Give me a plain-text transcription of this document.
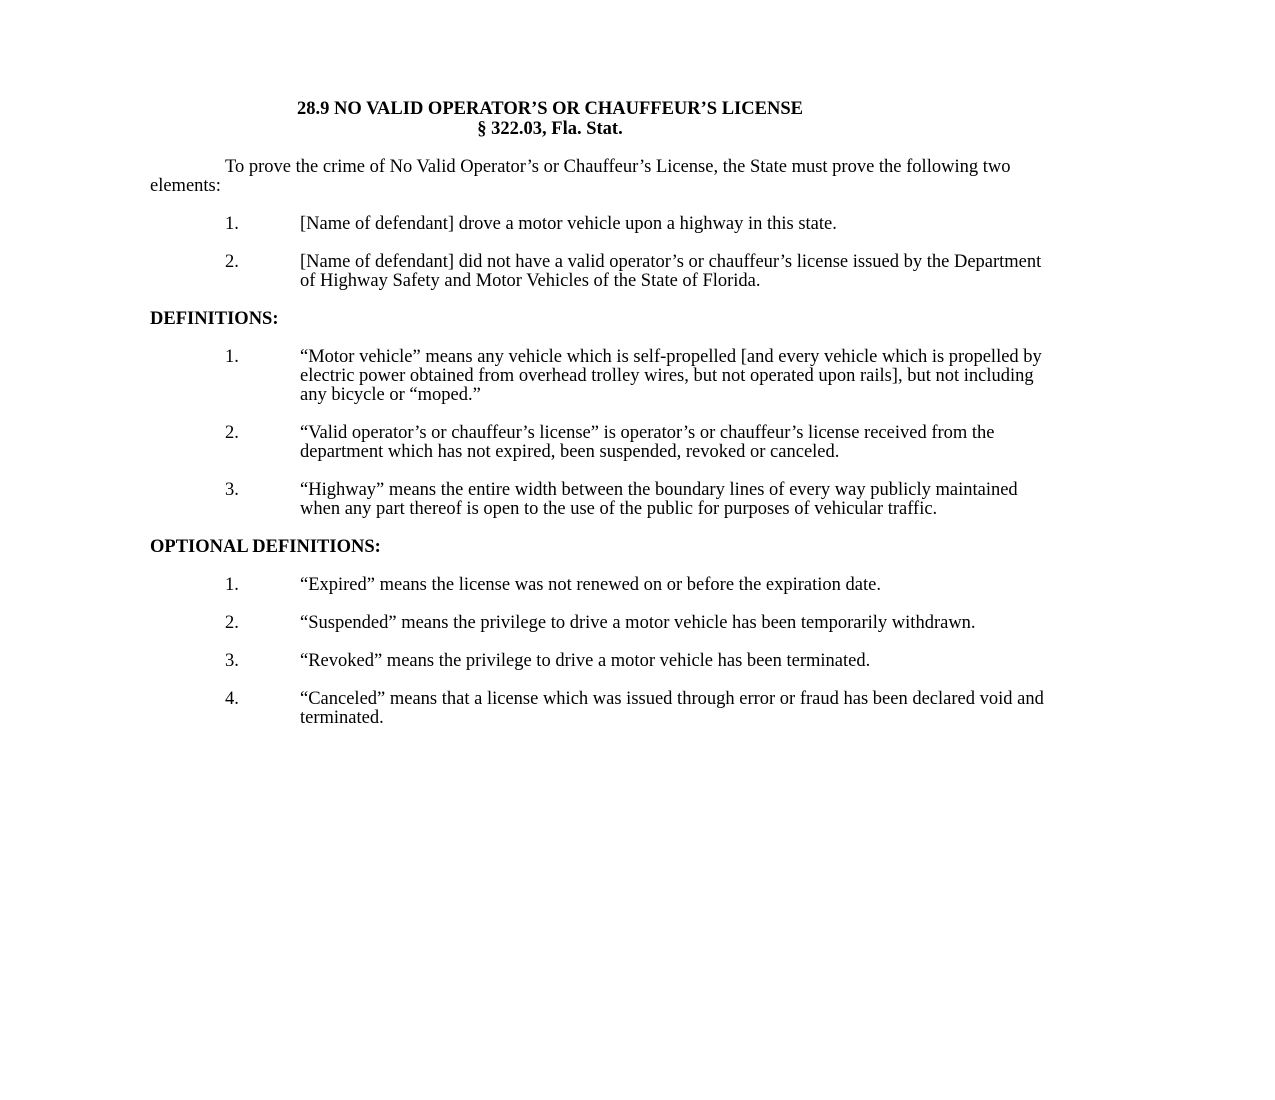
28.9 NO VALID OPERATOR’S OR CHAUFFEUR’S LICENSE
§ 322.03, Fla. Stat.
To prove the crime of No Valid Operator’s or Chauffeur’s License, the State must prove the following two elements:
1.	[Name of defendant] drove a motor vehicle upon a highway in this state.
2.	[Name of defendant] did not have a valid operator’s or chauffeur’s license issued by the Department of Highway Safety and Motor Vehicles of the State of Florida.
DEFINITIONS:
1.	“Motor vehicle” means any vehicle which is self-propelled [and every vehicle which is propelled by electric power obtained from overhead trolley wires, but not operated upon rails], but not including any bicycle or “moped.”
2.	“Valid operator’s or chauffeur’s license” is operator’s or chauffeur’s license received from the department which has not expired, been suspended, revoked or canceled.
3.	“Highway” means the entire width between the boundary lines of every way publicly maintained when any part thereof is open to the use of the public for purposes of vehicular traffic.
OPTIONAL DEFINITIONS:
1.	“Expired” means the license was not renewed on or before the expiration date.
2.	“Suspended” means the privilege to drive a motor vehicle has been temporarily withdrawn.
3.	“Revoked” means the privilege to drive a motor vehicle has been terminated.
4.	“Canceled” means that a license which was issued through error or fraud has been declared void and terminated.
